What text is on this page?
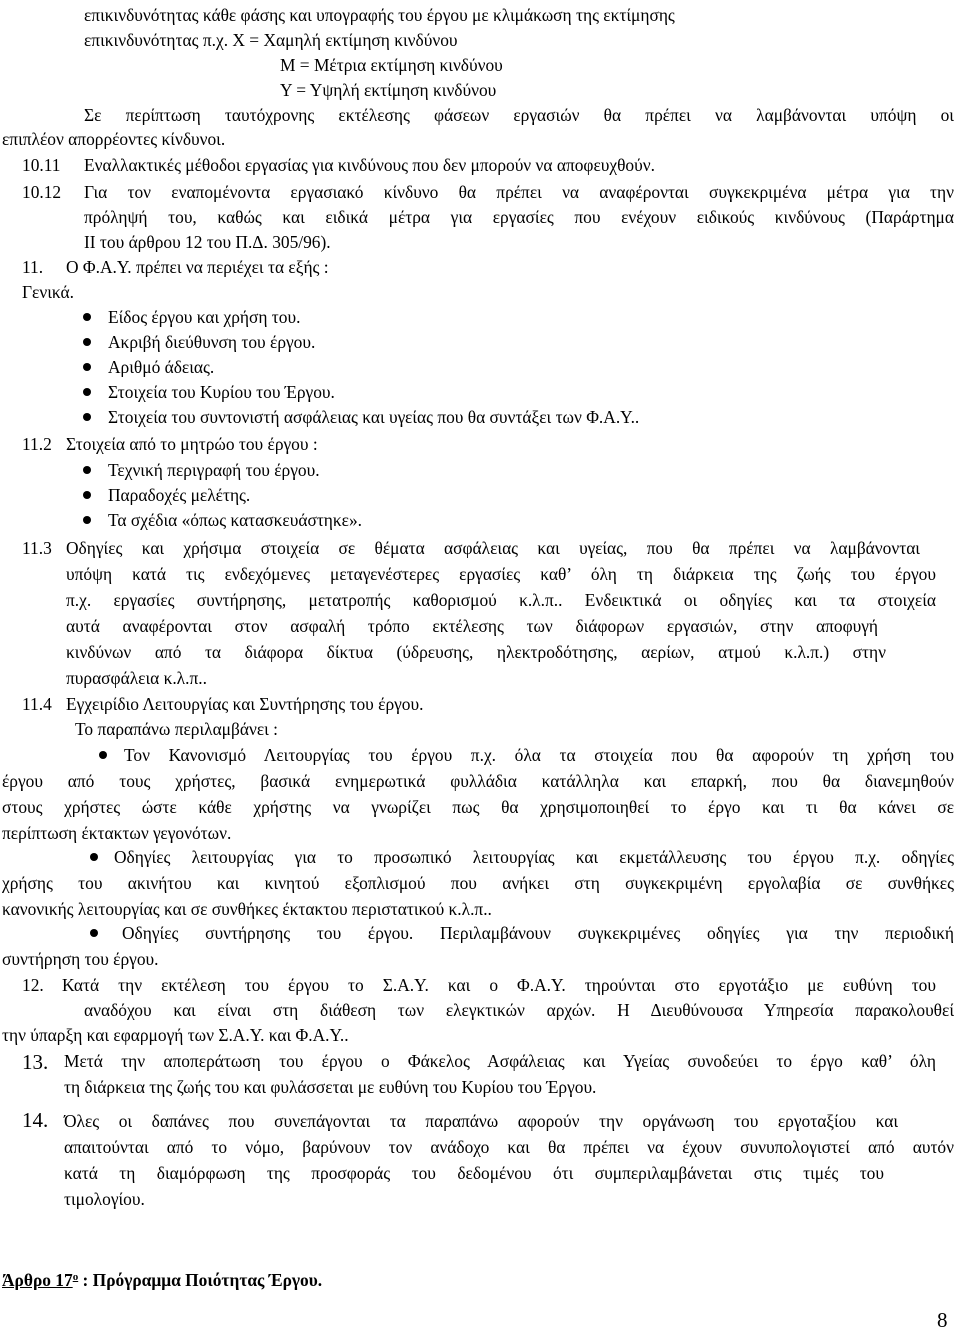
επικινδυνότητας κάθε φάσης και υπογραφής του έργου με κλιμάκωση της εκτίμησης
επικινδυνότητας π.χ. Χ = Χαμηλή εκτίμηση κινδύνου
Μ = Μέτρια εκτίμηση κινδύνου
Υ = Υψηλή εκτίμηση κινδύνου
Σε περίπτωση ταυτόχρονης εκτέλεσης φάσεων εργασιών θα πρέπει να λαμβάνονται υπόψη οι
επιπλέον απορρέοντες κίνδυνοι.
10.11 Εναλλακτικές μέθοδοι εργασίας για κινδύνους που δεν μπορούν να αποφευχθούν.
10.12 Για τον εναπομένοντα εργασιακό κίνδυνο θα πρέπει να αναφέρονται συγκεκριμένα μέτρα για την
πρόληψή του, καθώς και ειδικά μέτρα για εργασίες που ενέχουν ειδικούς κινδύνους (Παράρτημα
ΙΙ του άρθρου 12 του Π.Δ. 305/96).
11. Ο Φ.Α.Υ. πρέπει να περιέχει τα εξής :
Γενικά.
Είδος έργου και χρήση του.
Ακριβή διεύθυνση του έργου.
Αριθμό άδειας.
Στοιχεία του Κυρίου του Έργου.
Στοιχεία του συντονιστή ασφάλειας και υγείας που θα συντάξει των Φ.Α.Υ..
11.2 Στοιχεία από το μητρώο του έργου :
Τεχνική περιγραφή του έργου.
Παραδοχές μελέτης.
Τα σχέδια «όπως κατασκευάστηκε».
11.3 Οδηγίες και χρήσιμα στοιχεία σε θέματα ασφάλειας και υγείας, που θα πρέπει να λαμβάνονται
υπόψη κατά τις ενδεχόμενες μεταγενέστερες εργασίες καθ’ όλη τη διάρκεια της ζωής του έργου
π.χ. εργασίες συντήρησης, μετατροπής καθορισμού κ.λ.π.. Ενδεικτικά οι οδηγίες και τα στοιχεία
αυτά αναφέρονται στον ασφαλή τρόπο εκτέλεσης των διάφορων εργασιών, στην αποφυγή
κινδύνων από τα διάφορα δίκτυα (ύδρευσης, ηλεκτροδότησης, αερίων, ατμού κ.λ.π.) στην
πυρασφάλεια κ.λ.π..
11.4 Εγχειρίδιο Λειτουργίας και Συντήρησης του έργου.
Το παραπάνω περιλαμβάνει :
Τον Κανονισμό Λειτουργίας του έργου π.χ. όλα τα στοιχεία που θα αφορούν τη χρήση του
έργου από τους χρήστες, βασικά ενημερωτικά φυλλάδια κατάλληλα και επαρκή, που θα διανεμηθούν
στους χρήστες ώστε κάθε χρήστης να γνωρίζει πως θα χρησιμοποιηθεί το έργο και τι θα κάνει σε
περίπτωση έκτακτων γεγονότων.
Οδηγίες λειτουργίας για το προσωπικό λειτουργίας και εκμετάλλευσης του έργου π.χ. οδηγίες
χρήσης του ακινήτου και κινητού εξοπλισμού που ανήκει στη συγκεκριμένη εργολαβία σε συνθήκες
κανονικής λειτουργίας και σε συνθήκες έκτακτου περιστατικού κ.λ.π..
Οδηγίες συντήρησης του έργου. Περιλαμβάνουν συγκεκριμένες οδηγίες για την περιοδική
συντήρηση του έργου.
12. Κατά την εκτέλεση του έργου το Σ.Α.Υ. και ο Φ.Α.Υ. τηρούνται στο εργοτάξιο με ευθύνη του
αναδόχου και είναι στη διάθεση των ελεγκτικών αρχών. Η Διευθύνουσα Υπηρεσία παρακολουθεί
την ύπαρξη και εφαρμογή των Σ.Α.Υ. και Φ.Α.Υ..
13. Μετά την αποπεράτωση του έργου ο Φάκελος Ασφάλειας και Υγείας συνοδεύει το έργο καθ’ όλη
τη διάρκεια της ζωής του και φυλάσσεται με ευθύνη του Κυρίου του Έργου.
14. Όλες οι δαπάνες που συνεπάγονται τα παραπάνω αφορούν την οργάνωση του εργοταξίου και
απαιτούνται από το νόμο, βαρύνουν τον ανάδοχο και θα πρέπει να έχουν συνυπολογιστεί από αυτόν
κατά τη διαμόρφωση της προσφοράς του δεδομένου ότι συμπεριλαμβάνεται στις τιμές του
τιμολογίου.
Άρθρο $17^o$ : Πρόγραμμα Ποιότητας Έργου.
8
